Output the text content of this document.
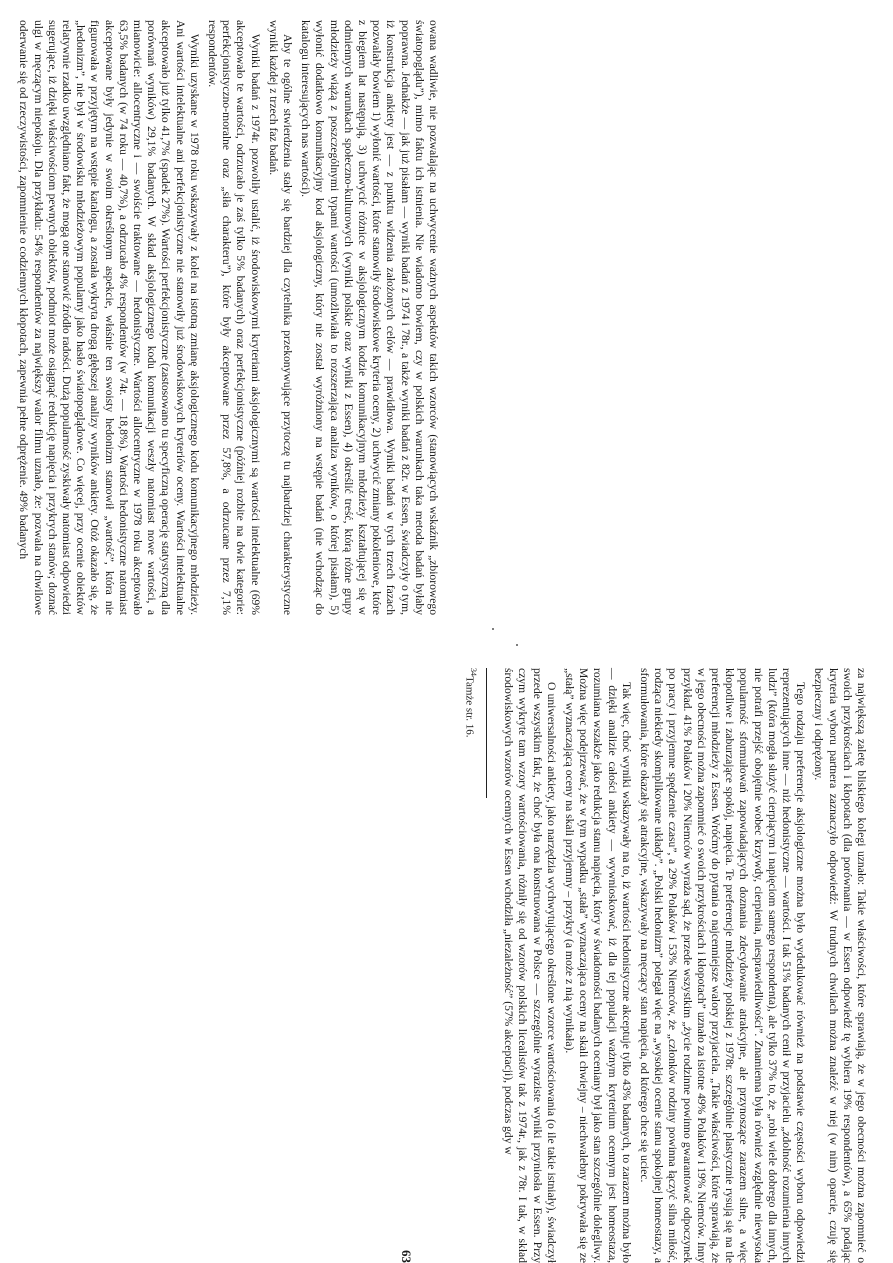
owana wadliwie, nie pozwalając na uchwycenie ważnych aspektów takich wzorców (stanowiących wskaźnik „zbiorowego światopoglądu”), mimo faktu ich istnienia. Nie wiadomo bowiem, czy w polskich warunkach taka metoda badań byłaby poprawna. Jednakże — jak już pisałam — wyniki badań z 1974 i 78r., a także wyniki badań z 82r. w Essen, świadczyły o tym, iż konstrukcja ankiety jest — z punktu widzenia założonych celów — prawidłowa. Wyniki badań w tych trzech fazach pozwalały bowiem 1) wyłonić wartości, które stanowiły środowiskowe kryteria oceny, 2) uchwycić zmiany pokoleniowe, które z biegiem lat następują, 3) uchwycić różnice w aksjologicznym kodzie komunikacyjnym młodzieży kształtującej się w odmiennych warunkach społeczno-kulturowych (wyniki polskie oraz wyniki z Essen), 4) określić treść, którą różne grupy młodzieży wiążą z poszczególnymi typami wartości (umożliwiała to rozszerzająca analiza wyników, o której pisałam), 5) wyłonić dodatkowo komunikacyjny kod aksjologiczny, który nie został wyróżniony na wstępie badań (nie wchodząc do katalogu interesujących nas wartości).

Aby te ogólne stwierdzenia stały się bardziej dla czytelnika przekonywujące przytoczę tu najbardziej charakterystyczne wyniki każdej z trzech faz badań.

Wyniki badań z 1974r. pozwoliły ustalić, iż środowiskowymi kryteriami aksjologicznymi są wartości intelektualne (69% akceptowało te wartości, odrzucało je zaś tylko 5% badanych) oraz perfekcjonistyczne (później rozbite na dwie kategorie: perfekcjonistyczno-moralne oraz „siła charakteru”), które były akceptowane przez 57,8%, a odrzucane przez 7,1% respondentów.

Wyniki uzyskane w 1978 roku wskazywały z kolei na istotną zmianę aksjologicznego kodu komunikacyjnego młodzieży. Ani wartości intelektualne ani perfekcjonistyczne nie stanowiły już środowiskowych kryteriów oceny. Wartości intelektualne akceptowało już tylko 41,7% (spadek 27%). Wartości perfekcjonistyczne (zastosowano tu specyficzną operację statystyczną dla porównań wyników) 29,1% badanych. W skład aksjologicznego kodu komunikacji weszły natomiast nowe wartości, a mianowicie: allocentryczne i — swoiście traktowane — hedonistyczne. Wartości allocentryczne w 1978 roku akceptowało 63,5% badanych (w 74 roku — 40,7%), a odrzucało 4% respondentów (w 74r. — 18,8%). Wartości hedonistyczne natomiast akceptowane były jedynie w swoim określonym aspekcie, właśnie ten swoisty hedonizm stanowił „wartość”, która nie figurowała w przyjętym na wstępie katalogu, a została wykryta drogą głębszej analizy wyników ankiety. Otóż okazało się, że „hedonizm”, nie był w środowisku młodzieżowym popularny jako hasło światopoglądowe. Co więcej, przy ocenie obiektów relatywnie rzadko uwzględniano fakt, że mogą one stanowić źródło radości. Dużą popularność zyskiwały natomiast odpowiedzi sugerujące, iż dzięki właściwościom pewnych obiektów, podmiot może osiągnąć redukcję napięcia i przykrych stanów; doznać ulgi w męczącym niepokoju. Dla przykładu: 54% respondentów za największy walor filmu uznało, że: pozwala na chwilowe oderwanie się od rzeczywistości, zapomnienie o codziennych kłopotach, zapewnia pełne odprężenie. 49% badanych

za największą zaletę bliskiego kolegi uznało: Takie właściwości, które sprawiają, że w jego obecności można zapomnieć o swoich przykrościach i kłopotach (dla porównania — w Essen odpowiedź tę wybiera 19% respondentów), a 65% podając kryteria wyboru partnera zaznaczyło odpowiedź: W trudnych chwilach można znaleźć w niej (w nim) oparcie, czuję się bezpieczny i odprężony.

Tego rodzaju preferencje aksjologiczne można było wydedukować również na podstawie częstości wyboru odpowiedzi reprezentujących inne — niż hedonistyczne — wartości. I tak 51% badanych cenił w przyjacielu „zdolność rozumienia innych ludzi” (która mogła służyć cierpiącym i napięciom samego respondenta), ale tylko 37% to, że „robi wiele dobrego dla innych, nie potrafi przejść obojętnie wobec krzywdy, cierpienia, niesprawiedliwości”. Znamienna była również względnie niewysoka popularność sformułowań zapowiadających doznania zdecydowanie atrakcyjne, ale przynoszące zarazem silne, a więc kłopotliwe i zaburzające spokój, napięcia. Te preferencje młodzieży polskiej z 1978r. szczególnie plastycznie rysują się na tle preferencji młodzieży z Essen. Wróćmy do pytania o najcenniejsze walory przyjaciela. „Takie właściwości, które sprawiają, że w jego obecności można zapomnieć o swoich przykrościach i kłopotach” uznało za istotne 49% Polaków i 19% Niemców. Inny przykład. 41% Polaków i 20% Niemców wyraża sąd, że przede wszystkim „życie rodzinne powinno gwarantować odpoczynek po pracy i przyjemne spędzenie czasu”, a 29% Polaków i 53% Niemców, że „członków rodziny powinna łączyć silna miłość, rodząca niekiedy skomplikowane układy”. „Polski hedonizm” polegał więc na „wysokiej ocenie stanu spokojnej homeostazy, a sformułowania, które okazały się atrakcyjne, wskazywały na męczący stan napięcia, od którego chce się uciec.

Tak więc, choć wyniki wskazywały na to, iż wartości hedonistyczne akceptuje tylko 43% badanych, to zarazem można było — dzięki analizie całości ankiety — wywnioskować, iż dla tej populacji ważnym kryterium ocennym jest homeostaza, rozumiana wszakże jako redukcja stanu napięcia, który w świadomości badanych oceniany był jako stan szczególnie dolegliwy. Można więc podejrzewać, że w tym wypadku „stała” wyznaczająca oceny na skali chwiejny – niechwalebny pokrywała się ze „stałą” wyznaczającą oceny na skali przyjemny – przykry (a może z nią wynikała).

O uniwersalności ankiety, jako narzędzia wychwytującego określone wzorce wartościowania (o ile takie istniały), świadczył przede wszystkim fakt, że choć była ona konstruowana w Polsce — szczególnie wyraziste wyniki przyniosła w Essen. Przy czym wykryte tam wzory wartościowania, różniły się od wzorów polskich licealistów tak z 1974r., jak z 78r. I tak, w skład środowiskowych wzorów ocennych w Essen wchodziła „niezależność” (57% akceptacji), podczas gdy w

$^{34}$Tamże str. 16.
63
